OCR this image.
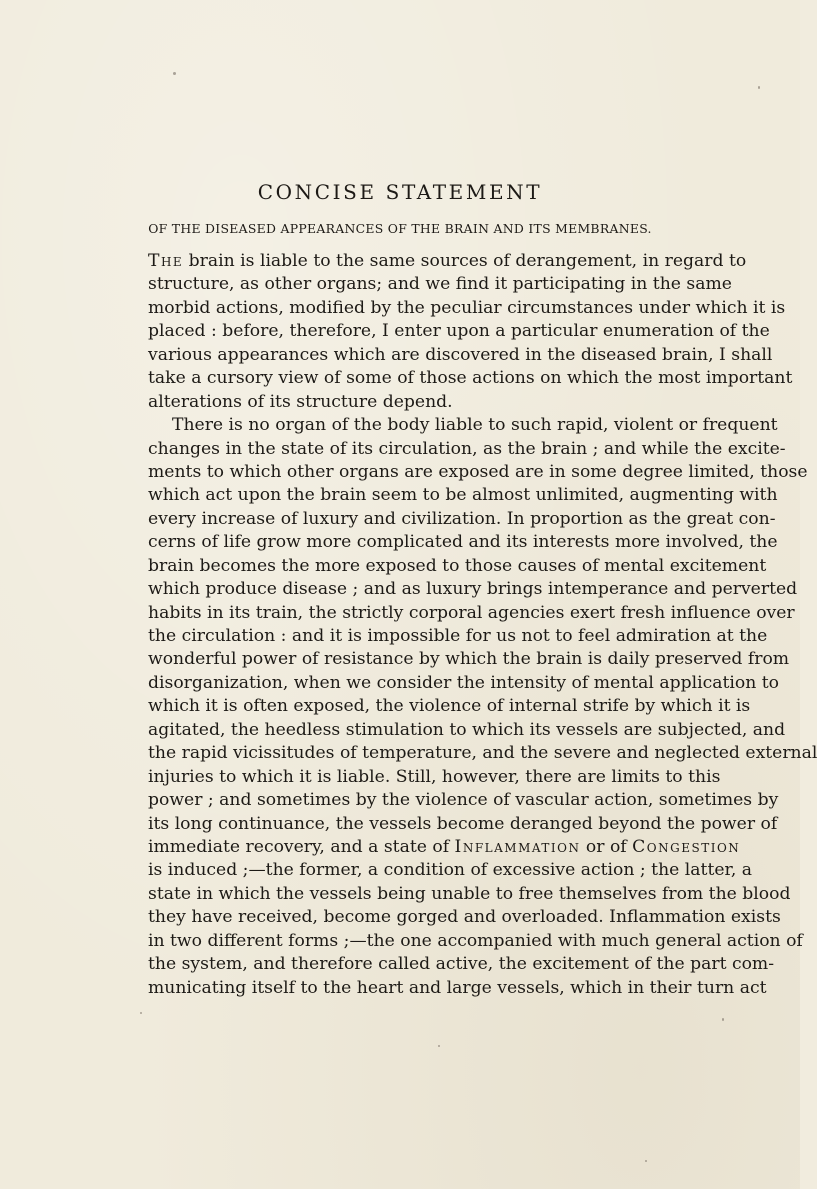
CONCISE STATEMENT
OF THE DISEASED APPEARANCES OF THE BRAIN AND ITS MEMBRANES.
The brain is liable to the same sources of derangement, in regard to
structure, as other organs; and we find it participating in the same
morbid actions, modified by the peculiar circumstances under which it is
placed : before, therefore, I enter upon a particular enumeration of the
various appearances which are discovered in the diseased brain, I shall
take a cursory view of some of those actions on which the most important
alterations of its structure depend.
There is no organ of the body liable to such rapid, violent or frequent
changes in the state of its circulation, as the brain ; and while the excite-
ments to which other organs are exposed are in some degree limited, those
which act upon the brain seem to be almost unlimited, augmenting with
every increase of luxury and civilization. In proportion as the great con-
cerns of life grow more complicated and its interests more involved, the
brain becomes the more exposed to those causes of mental excitement
which produce disease ; and as luxury brings intemperance and perverted
habits in its train, the strictly corporal agencies exert fresh influence over
the circulation : and it is impossible for us not to feel admiration at the
wonderful power of resistance by which the brain is daily preserved from
disorganization, when we consider the intensity of mental application to
which it is often exposed, the violence of internal strife by which it is
agitated, the heedless stimulation to which its vessels are subjected, and
the rapid vicissitudes of temperature, and the severe and neglected external
injuries to which it is liable. Still, however, there are limits to this
power ; and sometimes by the violence of vascular action, sometimes by
its long continuance, the vessels become deranged beyond the power of
immediate recovery, and a state of Inflammation or of Congestion
is induced ;—the former, a condition of excessive action ; the latter, a
state in which the vessels being unable to free themselves from the blood
they have received, become gorged and overloaded. Inflammation exists
in two different forms ;—the one accompanied with much general action of
the system, and therefore called active, the excitement of the part com-
municating itself to the heart and large vessels, which in their turn act
